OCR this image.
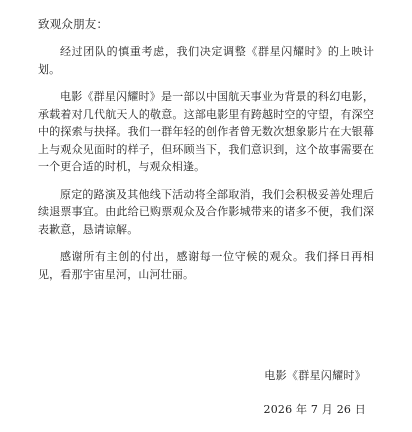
致观众朋友：

经过团队的慎重考虑，我们决定调整《群星闪耀时》的上映计划。

电影《群星闪耀时》是一部以中国航天事业为背景的科幻电影，承载着对几代航天人的敬意。这部电影里有跨越时空的守望，有深空中的探索与抉择。我们一群年轻的创作者曾无数次想象影片在大银幕上与观众见面时的样子，但环顾当下，我们意识到，这个故事需要在一个更合适的时机，与观众相逢。

原定的路演及其他线下活动将全部取消，我们会积极妥善处理后续退票事宜。由此给已购票观众及合作影城带来的诸多不便，我们深表歉意，恳请谅解。

感谢所有主创的付出，感谢每一位守候的观众。我们择日再相见，看那宇宙星河，山河壮丽。

电影《群星闪耀时》
2026 年 7 月 26 日
